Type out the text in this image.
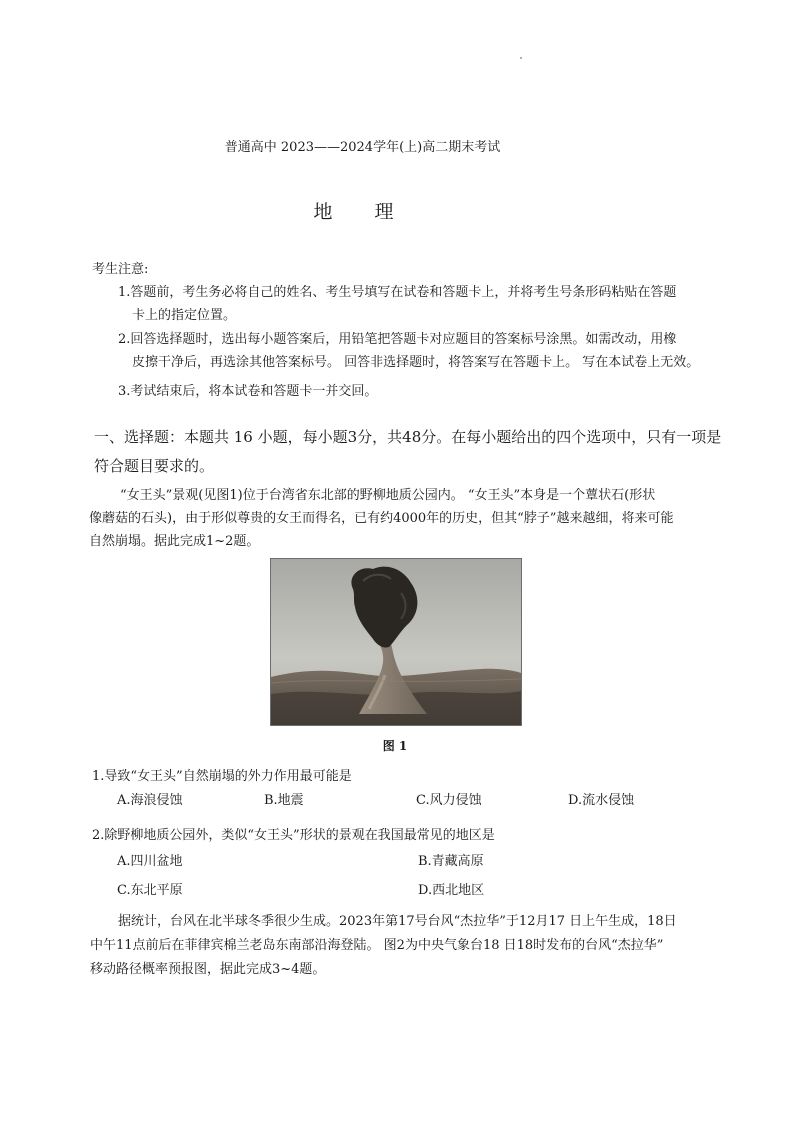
普通高中 2023——2024学年(上)高二期末考试
地 理
考生注意:
1.答题前，考生务必将自己的姓名、考生号填写在试卷和答题卡上，并将考生号条形码粘贴在答题
卡上的指定位置。
2.回答选择题时，选出每小题答案后，用铅笔把答题卡对应题目的答案标号涂黑。如需改动，用橡
皮擦干净后，再选涂其他答案标号。 回答非选择题时，将答案写在答题卡上。 写在本试卷上无效。
3.考试结束后，将本试卷和答题卡一并交回。
一、选择题：本题共 16 小题，每小题3分，共48分。在每小题给出的四个选项中，只有一项是
符合题目要求的。
“女王头”景观(见图1)位于台湾省东北部的野柳地质公园内。 “女王头”本身是一个蕈状石(形状
像蘑菇的石头)，由于形似尊贵的女王而得名，已有约4000年的历史，但其“脖子”越来越细，将来可能
自然崩塌。据此完成1~2题。
图 1
1.导致“女王头”自然崩塌的外力作用最可能是
A.海浪侵蚀	B.地震	C.风力侵蚀	D.流水侵蚀
2.除野柳地质公园外，类似“女王头”形状的景观在我国最常见的地区是
A.四川盆地	B.青藏高原
C.东北平原	D.西北地区
据统计，台风在北半球冬季很少生成。2023年第17号台风“杰拉华”于12月17 日上午生成，18日
中午11点前后在菲律宾棉兰老岛东南部沿海登陆。 图2为中央气象台18 日18时发布的台风“杰拉华”
移动路径概率预报图，据此完成3~4题。
